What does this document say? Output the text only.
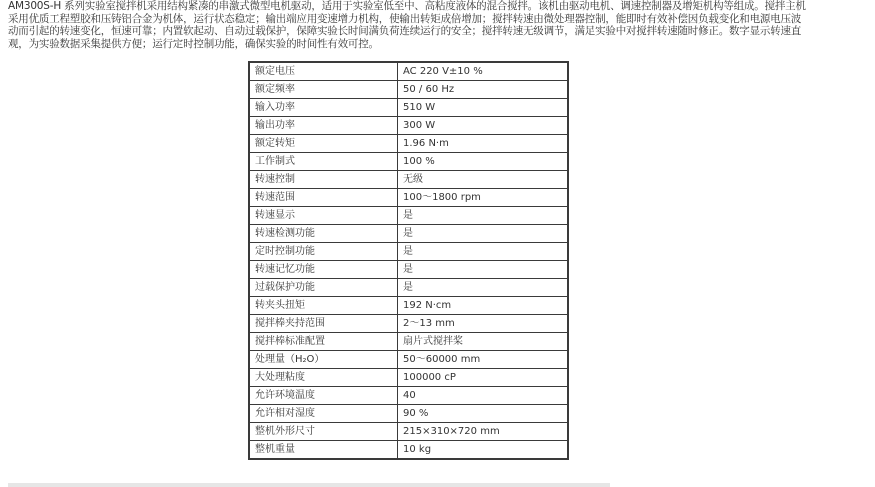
AM300S-H 系列实验室搅拌机采用结构紧凑的串激式微型电机驱动，适用于实验室低至中、高粘度液体的混合搅拌。该机由驱动电机、调速控制器及增矩机构等组成。搅拌主机采用优质工程塑胶和压铸铝合金为机体，运行状态稳定；输出端应用变速增力机构，使输出转矩成倍增加；搅拌转速由微处理器控制，能即时有效补偿因负载变化和电源电压波动而引起的转速变化，恒速可靠；内置软起动、自动过载保护，保障实验长时间满负荷连续运行的安全；搅拌转速无级调节，满足实验中对搅拌转速随时修正。数字显示转速直观，为实验数据采集提供方便；运行定时控制功能，确保实验的时间性有效可控。

额定电压	AC 220 V±10 %
额定频率	50 / 60 Hz
输入功率	510 W
输出功率	300 W
额定转矩	1.96 N·m
工作制式	100 %
转速控制	无级
转速范围	100～1800 rpm
转速显示	是
转速检测功能	是
定时控制功能	是
转速记忆功能	是
过载保护功能	是
转夹头扭矩	192 N·cm
搅拌棒夹持范围	2～13 mm
搅拌棒标准配置	扇片式搅拌桨
处理量（H₂O）	50～60000 mm
大处理粘度	100000 cP
允许环境温度	40
允许相对湿度	90 %
整机外形尺寸	215×310×720 mm
整机重量	10 kg
